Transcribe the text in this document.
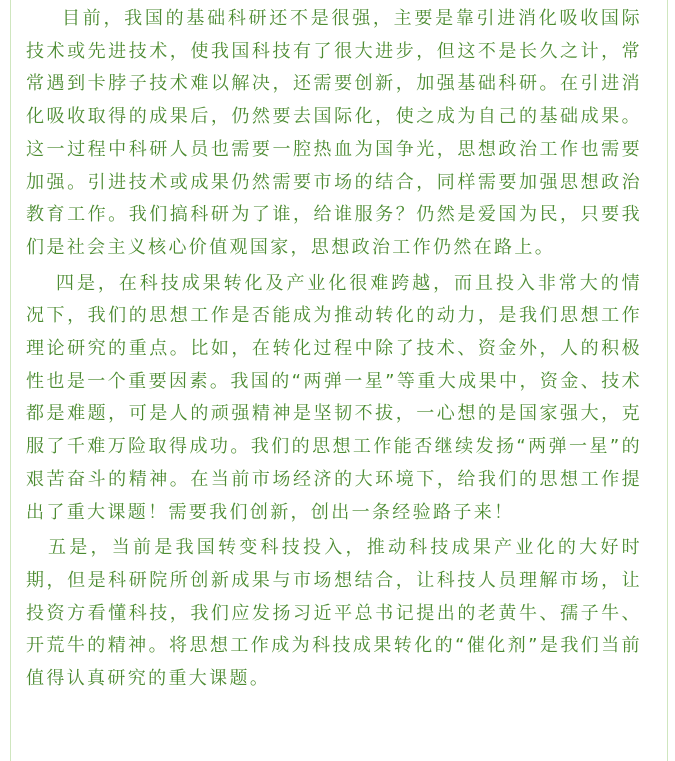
目前，我国的基础科研还不是很强，主要是靠引进消化吸收国际技术或先进技术，使我国科技有了很大进步，但这不是长久之计，常常遇到卡脖子技术难以解决，还需要创新，加强基础科研。在引进消化吸收取得的成果后，仍然要去国际化，使之成为自己的基础成果。这一过程中科研人员也需要一腔热血为国争光，思想政治工作也需要加强。引进技术或成果仍然需要市场的结合，同样需要加强思想政治教育工作。我们搞科研为了谁，给谁服务？仍然是爱国为民，只要我们是社会主义核心价值观国家，思想政治工作仍然在路上。

四是，在科技成果转化及产业化很难跨越，而且投入非常大的情况下，我们的思想工作是否能成为推动转化的动力，是我们思想工作理论研究的重点。比如，在转化过程中除了技术、资金外，人的积极性也是一个重要因素。我国的“两弹一星”等重大成果中，资金、技术都是难题，可是人的顽强精神是坚韧不拔，一心想的是国家强大，克服了千难万险取得成功。我们的思想工作能否继续发扬“两弹一星”的艰苦奋斗的精神。在当前市场经济的大环境下，给我们的思想工作提出了重大课题！需要我们创新，创出一条经验路子来！

五是，当前是我国转变科技投入，推动科技成果产业化的大好时期，但是科研院所创新成果与市场想结合，让科技人员理解市场，让投资方看懂科技，我们应发扬习近平总书记提出的老黄牛、孺子牛、开荒牛的精神。将思想工作成为科技成果转化的“催化剂”是我们当前值得认真研究的重大课题。
